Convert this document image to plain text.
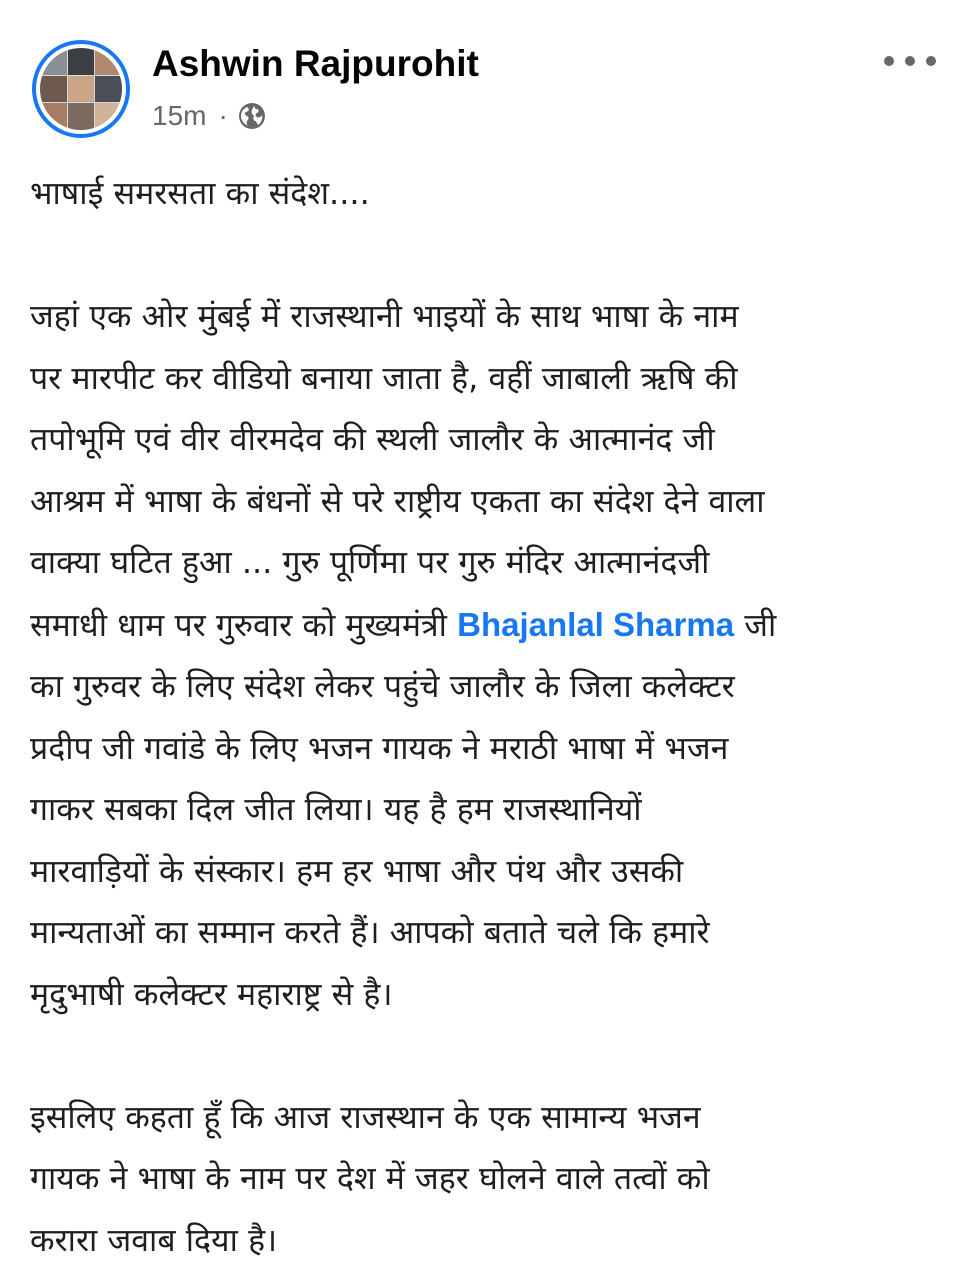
Ashwin Rajpurohit
15m ·

भाषाई समरसता का संदेश....

जहां एक ओर मुंबई में राजस्थानी भाइयों के साथ भाषा के नाम

पर मारपीट कर वीडियो बनाया जाता है, वहीं जाबाली ऋषि की

तपोभूमि एवं वीर वीरमदेव की स्थली जालौर के आत्मानंद जी

आश्रम में भाषा के बंधनों से परे राष्ट्रीय एकता का संदेश देने वाला

वाक्या घटित हुआ ... गुरु पूर्णिमा पर गुरु मंदिर आत्मानंदजी

समाधी धाम पर गुरुवार को मुख्यमंत्री Bhajanlal Sharma जी

का गुरुवर के लिए संदेश लेकर पहुंचे जालौर के जिला कलेक्टर

प्रदीप जी गवांडे के लिए भजन गायक ने मराठी भाषा में भजन

गाकर सबका दिल जीत लिया। यह है हम राजस्थानियों

मारवाड़ियों के संस्कार। हम हर भाषा और पंथ और उसकी

मान्यताओं का सम्मान करते हैं। आपको बताते चले कि हमारे

मृदुभाषी कलेक्टर महाराष्ट्र से है।

इसलिए कहता हूँ कि आज राजस्थान के एक सामान्य भजन

गायक ने भाषा के नाम पर देश में जहर घोलने वाले तत्वों को

करारा जवाब दिया है।
